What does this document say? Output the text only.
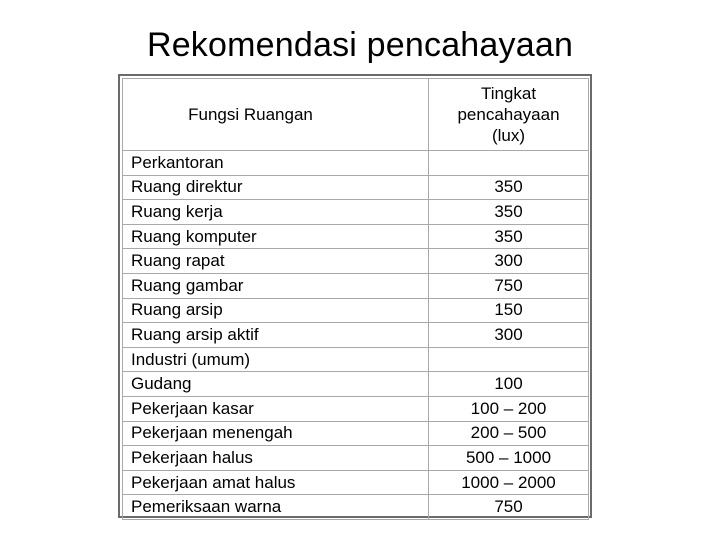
Rekomendasi pencahayaan
Fungsi Ruangan	Tingkat
pencahayaan
(lux)

Perkantoran	
Ruang direktur	350
Ruang kerja	350
Ruang komputer	350
Ruang rapat	300
Ruang gambar	750
Ruang arsip	150
Ruang arsip aktif	300
Industri (umum)	
Gudang	100
Pekerjaan kasar	100 – 200
Pekerjaan menengah	200 – 500
Pekerjaan halus	500 – 1000
Pekerjaan amat halus	1000 – 2000
Pemeriksaan warna	750
